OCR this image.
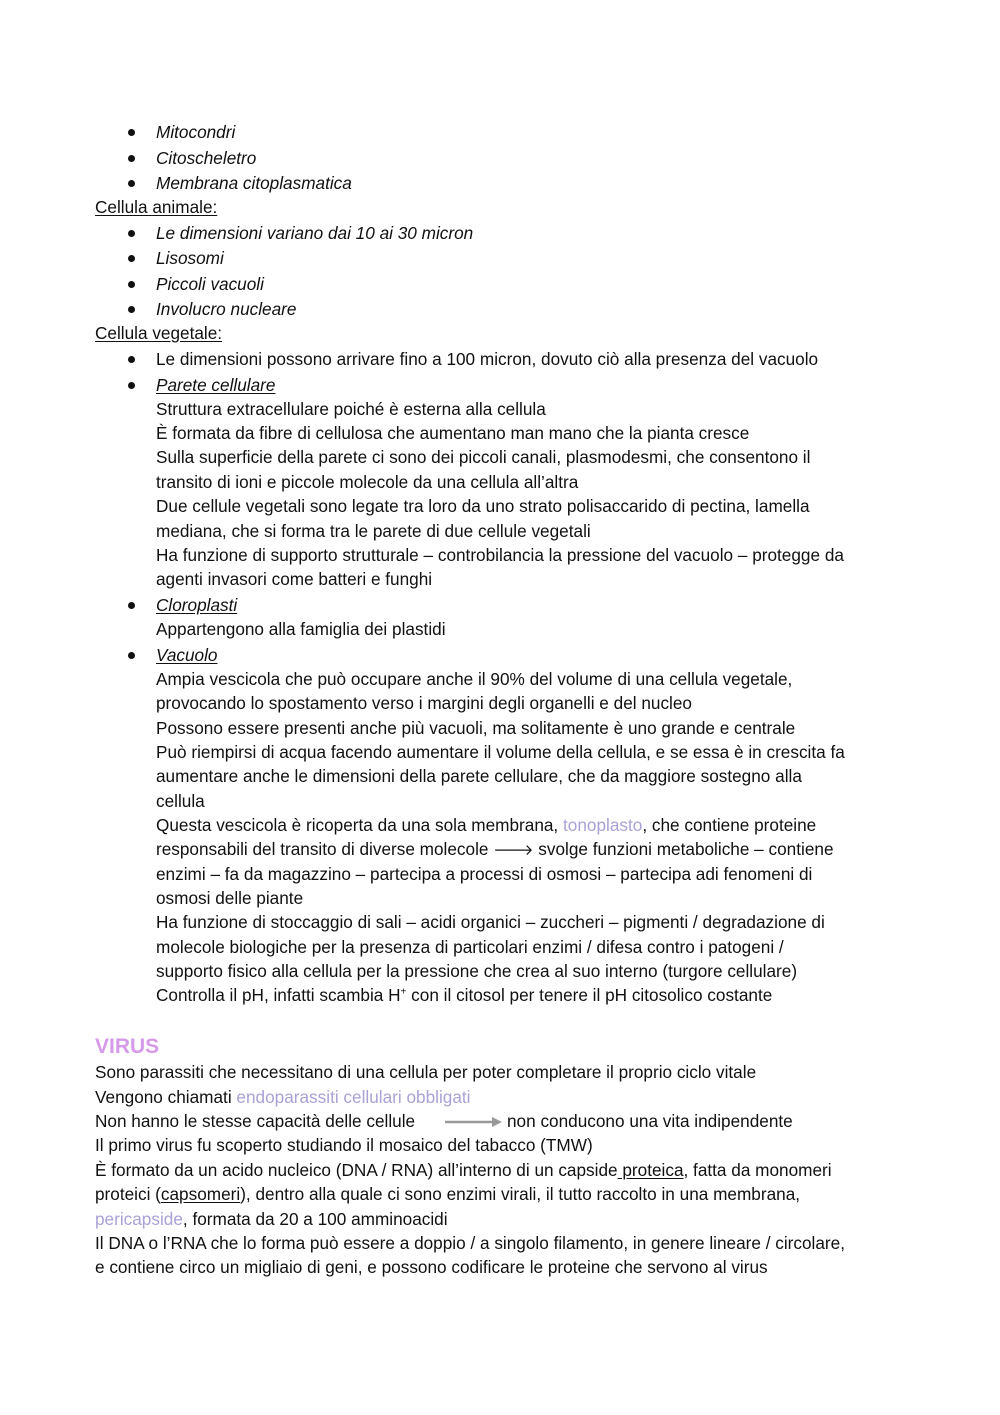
Mitocondri
Citoscheletro
Membrana citoplasmatica
Cellula animale:
Le dimensioni variano dai 10 ai 30 micron
Lisosomi
Piccoli vacuoli
Involucro nucleare
Cellula vegetale:
Le dimensioni possono arrivare fino a 100 micron, dovuto ciò alla presenza del vacuolo
Parete cellulare
Struttura extracellulare poiché è esterna alla cellula
È formata da fibre di cellulosa che aumentano man mano che la pianta cresce
Sulla superficie della parete ci sono dei piccoli canali, plasmodesmi, che consentono il
transito di ioni e piccole molecole da una cellula all’altra
Due cellule vegetali sono legate tra loro da uno strato polisaccarido di pectina, lamella
mediana, che si forma tra le parete di due cellule vegetali
Ha funzione di supporto strutturale – controbilancia la pressione del vacuolo – protegge da
agenti invasori come batteri e funghi
Cloroplasti
Appartengono alla famiglia dei plastidi
Vacuolo
Ampia vescicola che può occupare anche il 90% del volume di una cellula vegetale,
provocando lo spostamento verso i margini degli organelli e del nucleo
Possono essere presenti anche più vacuoli, ma solitamente è uno grande e centrale
Può riempirsi di acqua facendo aumentare il volume della cellula, e se essa è in crescita fa
aumentare anche le dimensioni della parete cellulare, che da maggiore sostegno alla
cellula
Questa vescicola è ricoperta da una sola membrana, tonoplasto, che contiene proteine
responsabili del transito di diverse molecole 🡒 svolge funzioni metaboliche – contiene
enzimi – fa da magazzino – partecipa a processi di osmosi – partecipa adi fenomeni di
osmosi delle piante
Ha funzione di stoccaggio di sali – acidi organici – zuccheri – pigmenti / degradazione di
molecole biologiche per la presenza di particolari enzimi / difesa contro i patogeni /
supporto fisico alla cellula per la pressione che crea al suo interno (turgore cellulare)
Controlla il pH, infatti scambia H+ con il citosol per tenere il pH citosolico costante
VIRUS
Sono parassiti che necessitano di una cellula per poter completare il proprio ciclo vitale
Vengono chiamati endoparassiti cellulari obbligati
Non hanno le stesse capacità delle cellule	non conducono una vita indipendente
Il primo virus fu scoperto studiando il mosaico del tabacco (TMW)
È formato da un acido nucleico (DNA / RNA) all’interno di un capside proteica, fatta da monomeri
proteici (capsomeri), dentro alla quale ci sono enzimi virali, il tutto raccolto in una membrana,
pericapside, formata da 20 a 100 amminoacidi
Il DNA o l’RNA che lo forma può essere a doppio / a singolo filamento, in genere lineare / circolare,
e contiene circo un migliaio di geni, e possono codificare le proteine che servono al virus
